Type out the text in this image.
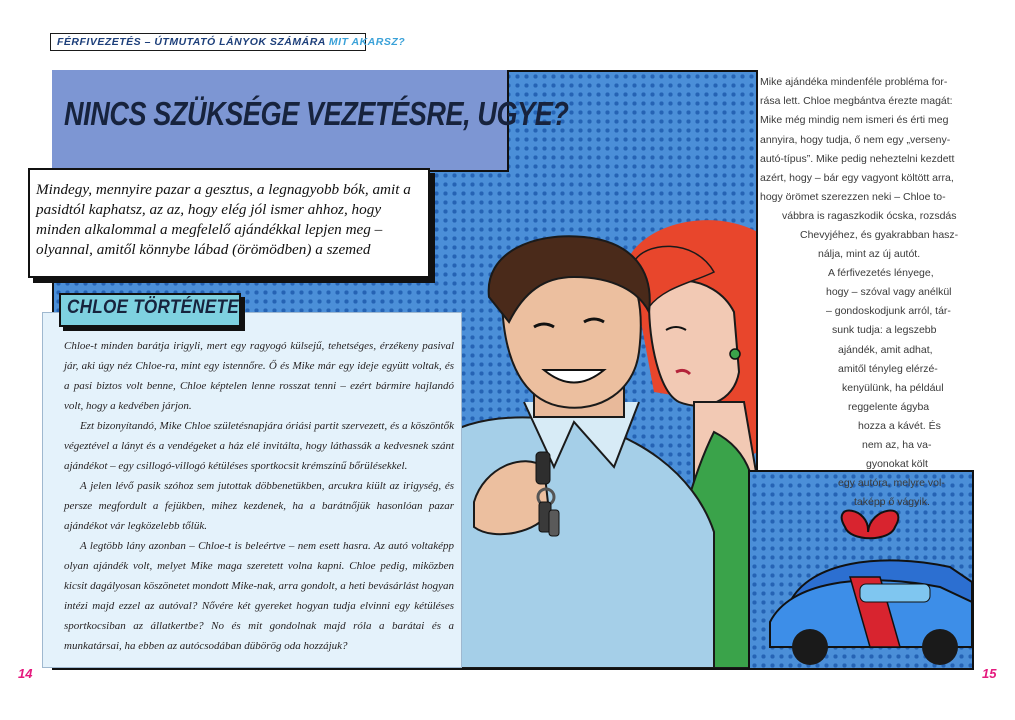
FÉRFIVEZETÉS – ÚTMUTATÓ LÁNYOK SZÁMÁRA MIT AKARSZ?
NINCS SZÜKSÉGE VEZETÉSRE, UGYE?
Mindegy, mennyire pazar a gesztus, a legnagyobb bók, amit a pasidtól kaphatsz, az az, hogy elég jól ismer ahhoz, hogy minden alkalommal a megfelelő ajándékkal lepjen meg – olyannal, amitől könnybe lábad (örömödben) a szemed
CHLOE TÖRTÉNETE

Chloe-t minden barátja irigyli, mert egy ragyogó külsejű, tehetséges, érzékeny pasival jár, aki úgy néz Chloe-ra, mint egy istennőre. Ő és Mike már egy ideje együtt voltak, és a pasi biztos volt benne, Chloe képtelen lenne rosszat tenni – ezért bármire hajlandó volt, hogy a kedvében járjon.

Ezt bizonyítandó, Mike Chloe születésnapjára óriási partit szervezett, és a köszöntők végeztével a lányt és a vendégeket a ház elé invitálta, hogy láthassák a kedvesnek szánt ajándékot – egy csillogó-villogó kétüléses sportkocsit krémszínű bőrülésekkel.

A jelen lévő pasik szóhoz sem jutottak döbbenetükben, arcukra kiült az irigység, és persze megfordult a fejükben, mihez kezdenek, ha a barátnőjük hasonlóan pazar ajándékot vár legközelebb tőlük.

A legtöbb lány azonban – Chloe-t is beleértve – nem esett hasra. Az autó voltaképp olyan ajándék volt, melyet Mike maga szeretett volna kapni. Chloe pedig, miközben kicsit dagályosan köszönetet mondott Mike-nak, arra gondolt, a heti bevásárlást hogyan intézi majd ezzel az autóval? Nővére két gyereket hogyan tudja elvinni egy kétüléses sportkocsiban az állatkertbe? No és mit gondolnak majd róla a barátai és a munkatársai, ha ebben az autócsodában dübörög oda hozzájuk?

Mike ajándéka mindenféle probléma for-
rása lett. Chloe megbántva érezte magát:
Mike még mindig nem ismeri és érti meg
annyira, hogy tudja, ő nem egy „verseny-
autó-típus”. Mike pedig neheztelni kezdett
azért, hogy – bár egy vagyont költött arra,
hogy örömet szerezzen neki – Chloe to-
vábbra is ragaszkodik ócska, rozsdás
Chevyjéhez, és gyakrabban hasz-
nálja, mint az új autót.
A férfivezetés lényege,
hogy – szóval vagy anélkül
– gondoskodjunk arról, tár-
sunk tudja: a legszebb
ajándék, amit adhat,
amitől tényleg elérzé-
kenyülünk, ha például
reggelente ágyba
hozza a kávét. És
nem az, ha va-
gyonokat költ
egy autóra, melyre vol-
taképp ő vágyik.
14	15
